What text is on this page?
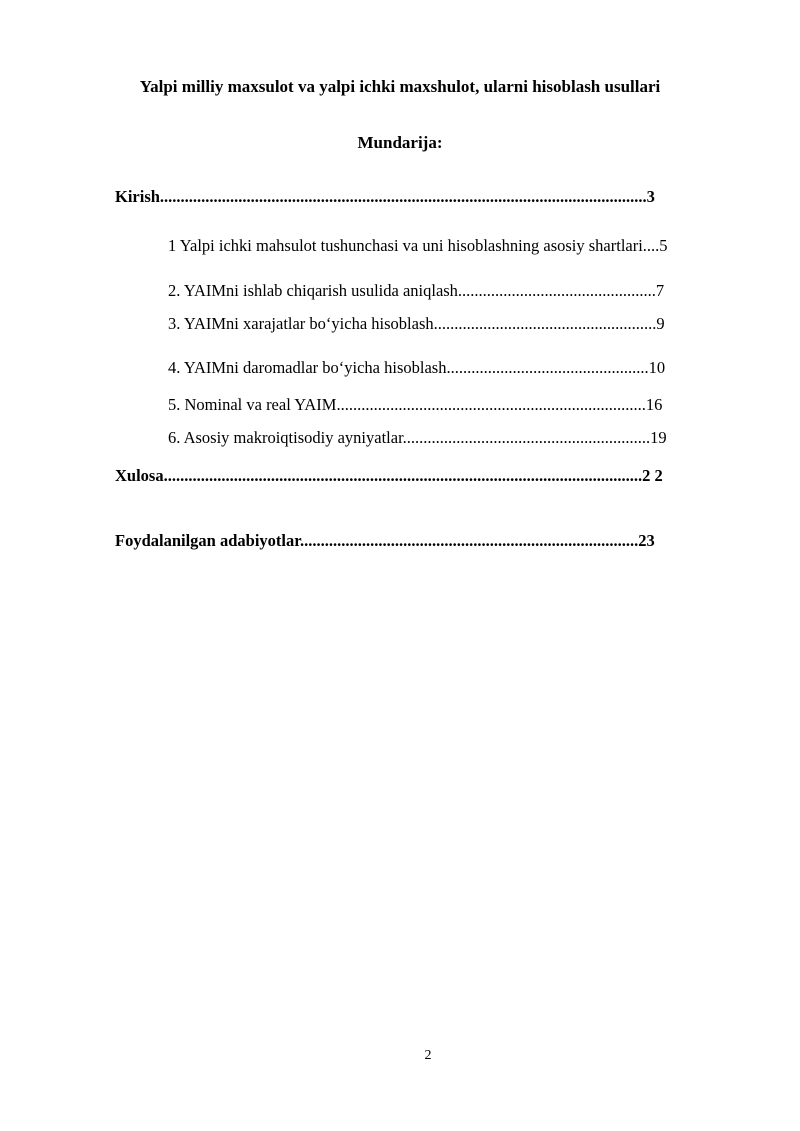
Yalpi milliy maxsulot va yalpi ichki maxshulot, ularni hisoblash usullari
Mundarija:
Kirish......................................................................................................................3
1 Yalpi ichki mahsulot tushunchasi va uni hisoblashning asosiy shartlari....5
2. YAIMni ishlab chiqarish usulida aniqlash................................................7
3. YAIMni xarajatlar bo‘yicha hisoblash......................................................9
4. YAIMni daromadlar bo‘yicha hisoblash.................................................10
5. Nominal va real YAIM...........................................................................16
6. Asosiy makroiqtisodiy ayniyatlar............................................................19
Xulosa....................................................................................................................2 2
Foydalanilgan adabiyotlar..................................................................................23
2
